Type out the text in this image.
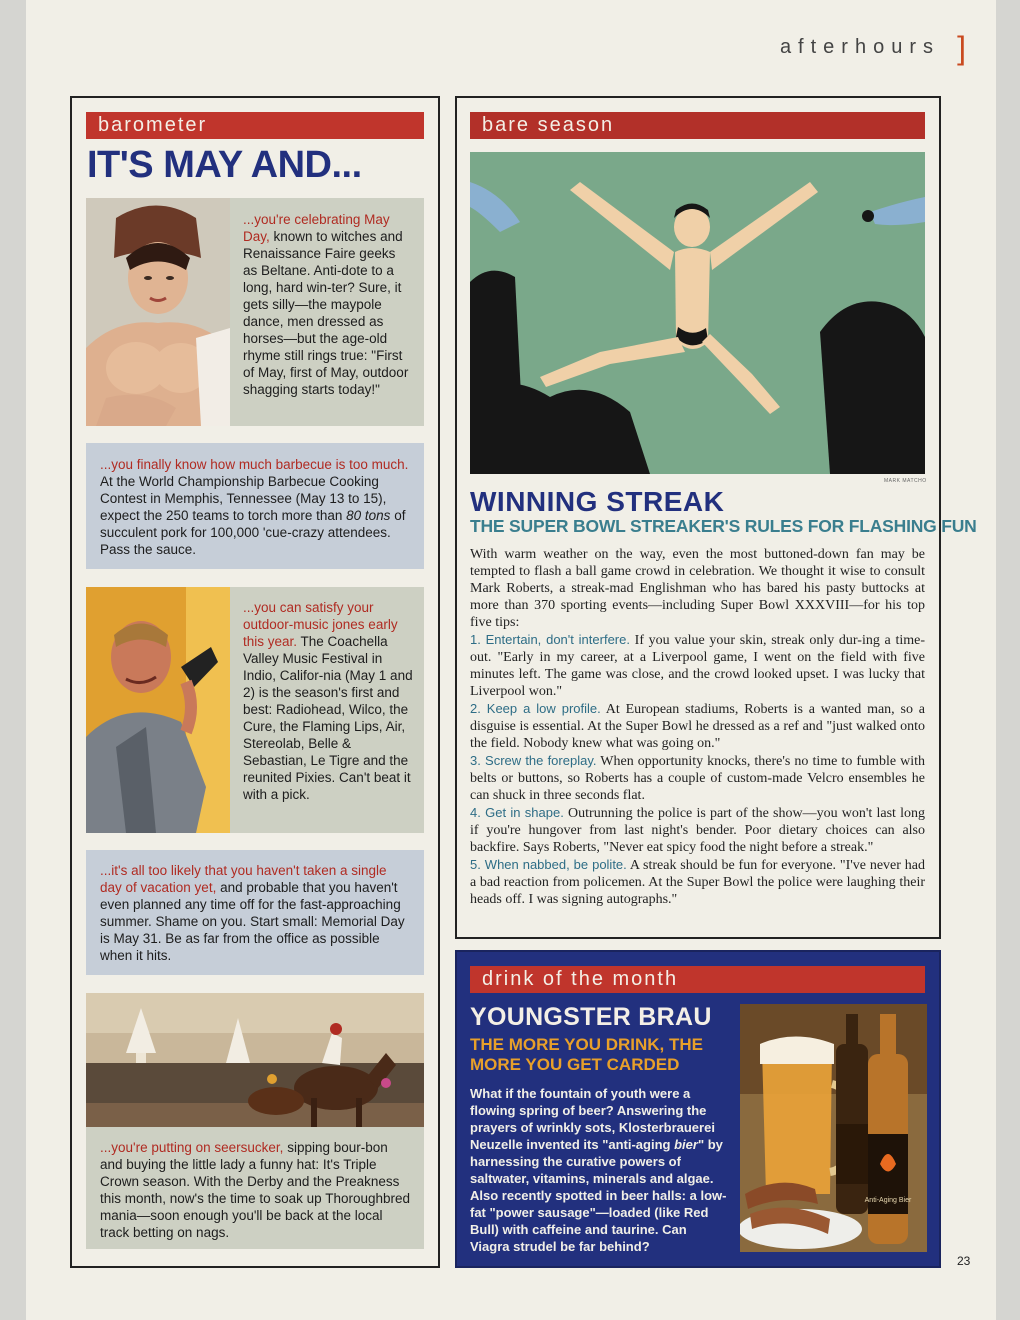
afterhours ]
barometer
IT'S MAY AND...

...you're celebrating May Day, known to witches and Renaissance Faire geeks as Beltane. Anti-dote to a long, hard win-ter? Sure, it gets silly—the maypole dance, men dressed as horses—but the age-old rhyme still rings true: "First of May, first of May, outdoor shagging starts today!"

...you finally know how much barbecue is too much. At the World Championship Barbecue Cooking Contest in Memphis, Tennessee (May 13 to 15), expect the 250 teams to torch more than 80 tons of succulent pork for 100,000 'cue-crazy attendees. Pass the sauce.

...you can satisfy your outdoor-music jones early this year. The Coachella Valley Music Festival in Indio, Califor-nia (May 1 and 2) is the season's first and best: Radiohead, Wilco, the Cure, the Flaming Lips, Air, Stereolab, Belle & Sebastian, Le Tigre and the reunited Pixies. Can't beat it with a pick.

...it's all too likely that you haven't taken a single day of vacation yet, and probable that you haven't even planned any time off for the fast-approaching summer. Shame on you. Start small: Memorial Day is May 31. Be as far from the office as possible when it hits.

...you're putting on seersucker, sipping bour-bon and buying the little lady a funny hat: It's Triple Crown season. With the Derby and the Preakness this month, now's the time to soak up Thoroughbred mania—soon enough you'll be back at the local track betting on nags.

bare season
MARK MATCHO
WINNING STREAK
THE SUPER BOWL STREAKER'S RULES FOR FLASHING FUN
With warm weather on the way, even the most buttoned-down fan may be tempted to flash a ball game crowd in celebration. We thought it wise to consult Mark Roberts, a streak-mad Englishman who has bared his pasty buttocks at more than 370 sporting events—including Super Bowl XXXVIII—for his top five tips:
1. Entertain, don't interfere. If you value your skin, streak only dur-ing a time-out. "Early in my career, at a Liverpool game, I went on the field with five minutes left. The game was close, and the crowd looked upset. I was lucky that Liverpool won."
2. Keep a low profile. At European stadiums, Roberts is a wanted man, so a disguise is essential. At the Super Bowl he dressed as a ref and "just walked onto the field. Nobody knew what was going on."
3. Screw the foreplay. When opportunity knocks, there's no time to fumble with belts or buttons, so Roberts has a couple of custom-made Velcro ensembles he can shuck in three seconds flat.
4. Get in shape. Outrunning the police is part of the show—you won't last long if you're hungover from last night's bender. Poor dietary choices can also backfire. Says Roberts, "Never eat spicy food the night before a streak."
5. When nabbed, be polite. A streak should be fun for everyone. "I've never had a bad reaction from policemen. At the Super Bowl the police were laughing their heads off. I was signing autographs."
drink of the month
YOUNGSTER BRAU
THE MORE YOU DRINK, THE MORE YOU GET CARDED

What if the fountain of youth were a flowing spring of beer? Answering the prayers of wrinkly sots, Klosterbrauerei Neuzelle invented its "anti-aging bier" by harnessing the curative powers of saltwater, vitamins, minerals and algae. Also recently spotted in beer halls: a low-fat "power sausage"—loaded (like Red Bull) with caffeine and taurine. Can Viagra strudel be far behind?

Anti-Aging Bier
23
